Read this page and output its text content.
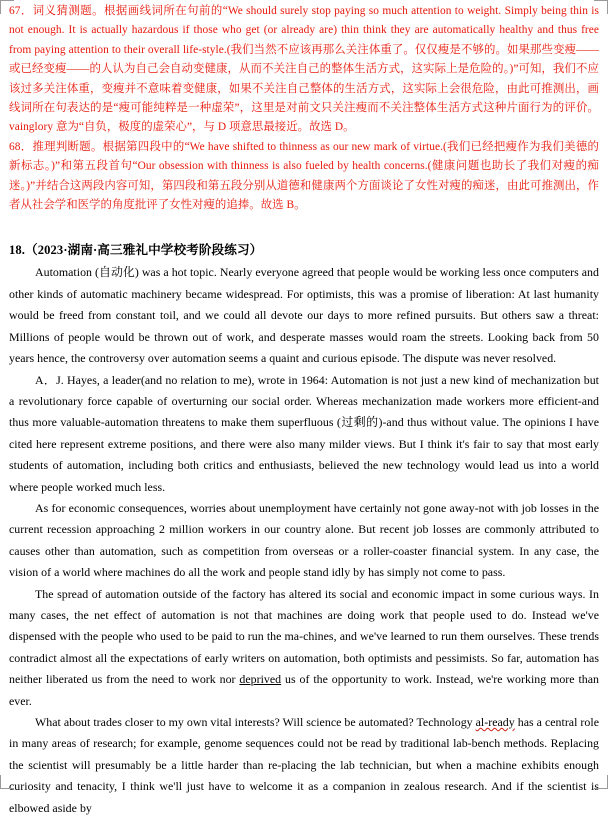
67．词义猜测题。根据画线词所在句前的“We should surely stop paying so much attention to weight. Simply being thin is not enough. It is actually hazardous if those who get (or already are) thin think they are automatically healthy and thus free from paying attention to their overall life-style.(我们当然不应该再那么关注体重了。仅仅瘦是不够的。如果那些变瘦——或已经变瘦——的人认为自己会自动变健康，从而不关注自己的整体生活方式，这实际上是危险的。)”可知，我们不应该过多关注体重，变瘦并不意味着变健康，如果不关注自己整体的生活方式，这实际上会很危险，由此可推测出，画线词所在句表达的是“瘦可能纯粹是一种虚荣”，这里是对前文只关注瘦而不关注整体生活方式这种片面行为的评价。vainglory 意为“自负，极度的虚荣心”，与 D 项意思最接近。故选 D。

68．推理判断题。根据第四段中的“We have shifted to thinness as our new mark of virtue.(我们已经把瘦作为我们美德的新标志。)”和第五段首句“Our obsession with thinness is also fueled by health concerns.(健康问题也助长了我们对瘦的痴迷。)”并结合这两段内容可知，第四段和第五段分别从道德和健康两个方面谈论了女性对瘦的痴迷，由此可推测出，作者从社会学和医学的角度批评了女性对瘦的追捧。故选 B。

18.（2023·湖南·高三雅礼中学校考阶段练习）

Automation (自动化) was a hot topic. Nearly everyone agreed that people would be working less once computers and other kinds of automatic machinery became widespread. For optimists, this was a promise of liberation: At last humanity would be freed from constant toil, and we could all devote our days to more refined pursuits. But others saw a threat: Millions of people would be thrown out of work, and desperate masses would roam the streets. Looking back from 50 years hence, the controversy over automation seems a quaint and curious episode. The dispute was never resolved.

A．J. Hayes, a leader(and no relation to me), wrote in 1964: Automation is not just a new kind of mechanization but a revolutionary force capable of overturning our social order. Whereas mechanization made workers more efficient-and thus more valuable-automation threatens to make them superfluous (过剩的)-and thus without value. The opinions I have cited here represent extreme positions, and there were also many milder views. But I think it's fair to say that most early students of automation, including both critics and enthusiasts, believed the new technology would lead us into a world where people worked much less.

As for economic consequences, worries about unemployment have certainly not gone away-not with job losses in the current recession approaching 2 million workers in our country alone. But recent job losses are commonly attributed to causes other than automation, such as competition from overseas or a roller-coaster financial system. In any case, the vision of a world where machines do all the work and people stand idly by has simply not come to pass.

The spread of automation outside of the factory has altered its social and economic impact in some curious ways. In many cases, the net effect of automation is not that machines are doing work that people used to do. Instead we've dispensed with the people who used to be paid to run the ma-chines, and we've learned to run them ourselves. These trends contradict almost all the expectations of early writers on automation, both optimists and pessimists. So far, automation has neither liberated us from the need to work nor deprived us of the opportunity to work. Instead, we're working more than ever.

What about trades closer to my own vital interests? Will science be automated? Technology al-ready has a central role in many areas of research; for example, genome sequences could not be read by traditional lab-bench methods. Replacing the scientist will presumably be a little harder than re-placing the lab technician, but when a machine exhibits enough curiosity and tenacity, I think we'll just have to welcome it as a companion in zealous research. And if the scientist is elbowed aside by
